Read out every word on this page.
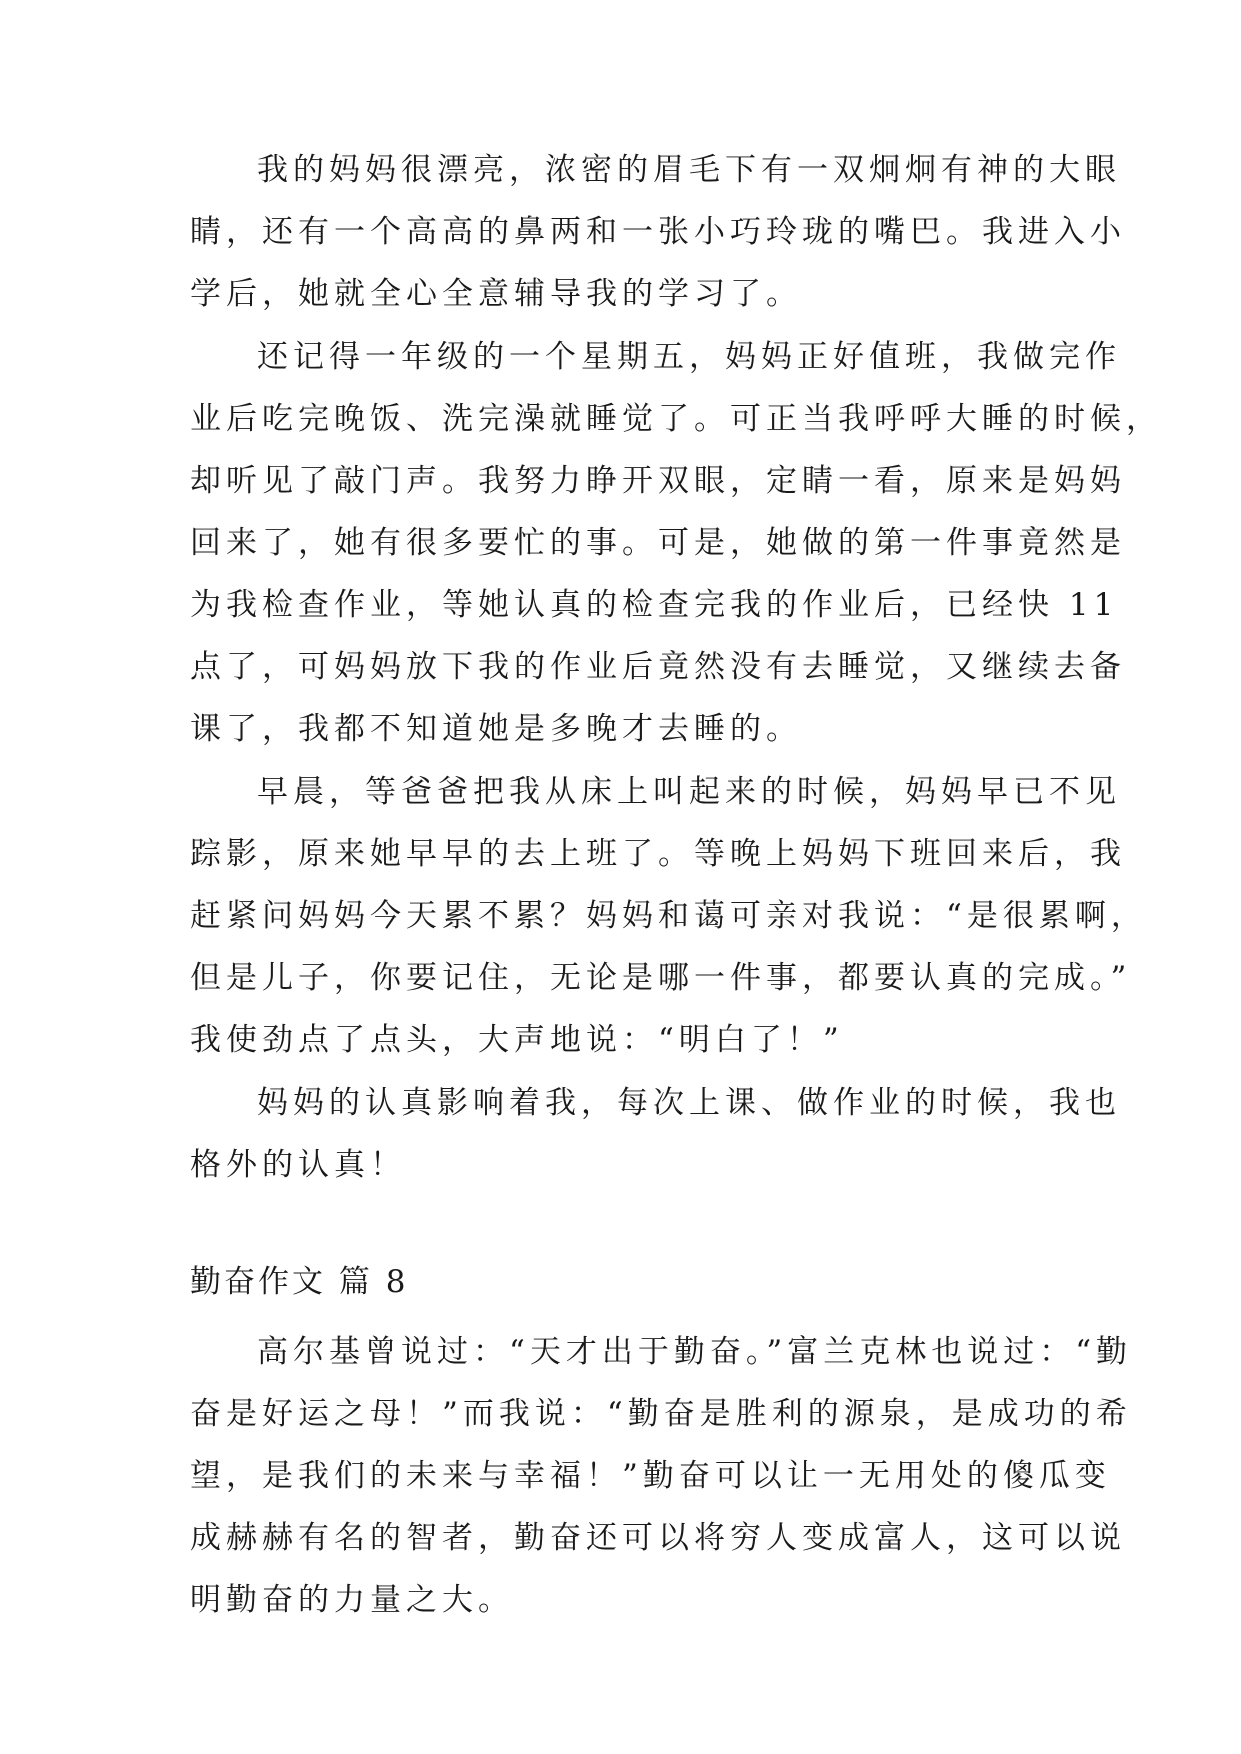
我的妈妈很漂亮，浓密的眉毛下有一双炯炯有神的大眼
睛，还有一个高高的鼻两和一张小巧玲珑的嘴巴。我进入小
学后，她就全心全意辅导我的学习了。
还记得一年级的一个星期五，妈妈正好值班，我做完作
业后吃完晚饭、洗完澡就睡觉了。可正当我呼呼大睡的时候，
却听见了敲门声。我努力睁开双眼，定睛一看，原来是妈妈
回来了，她有很多要忙的事。可是，她做的第一件事竟然是
为我检查作业，等她认真的检查完我的作业后，已经快 11
点了，可妈妈放下我的作业后竟然没有去睡觉，又继续去备
课了，我都不知道她是多晚才去睡的。
早晨，等爸爸把我从床上叫起来的时候，妈妈早已不见
踪影，原来她早早的去上班了。等晚上妈妈下班回来后，我
赶紧问妈妈今天累不累？妈妈和蔼可亲对我说：“是很累啊，
但是儿子，你要记住，无论是哪一件事，都要认真的完成。”
我使劲点了点头，大声地说：“明白了！”
妈妈的认真影响着我，每次上课、做作业的时候，我也
格外的认真！
勤奋作文 篇 8
高尔基曾说过：“天才出于勤奋。”富兰克林也说过：“勤
奋是好运之母！”而我说：“勤奋是胜利的源泉，是成功的希
望，是我们的未来与幸福！”勤奋可以让一无用处的傻瓜变
成赫赫有名的智者，勤奋还可以将穷人变成富人，这可以说
明勤奋的力量之大。
